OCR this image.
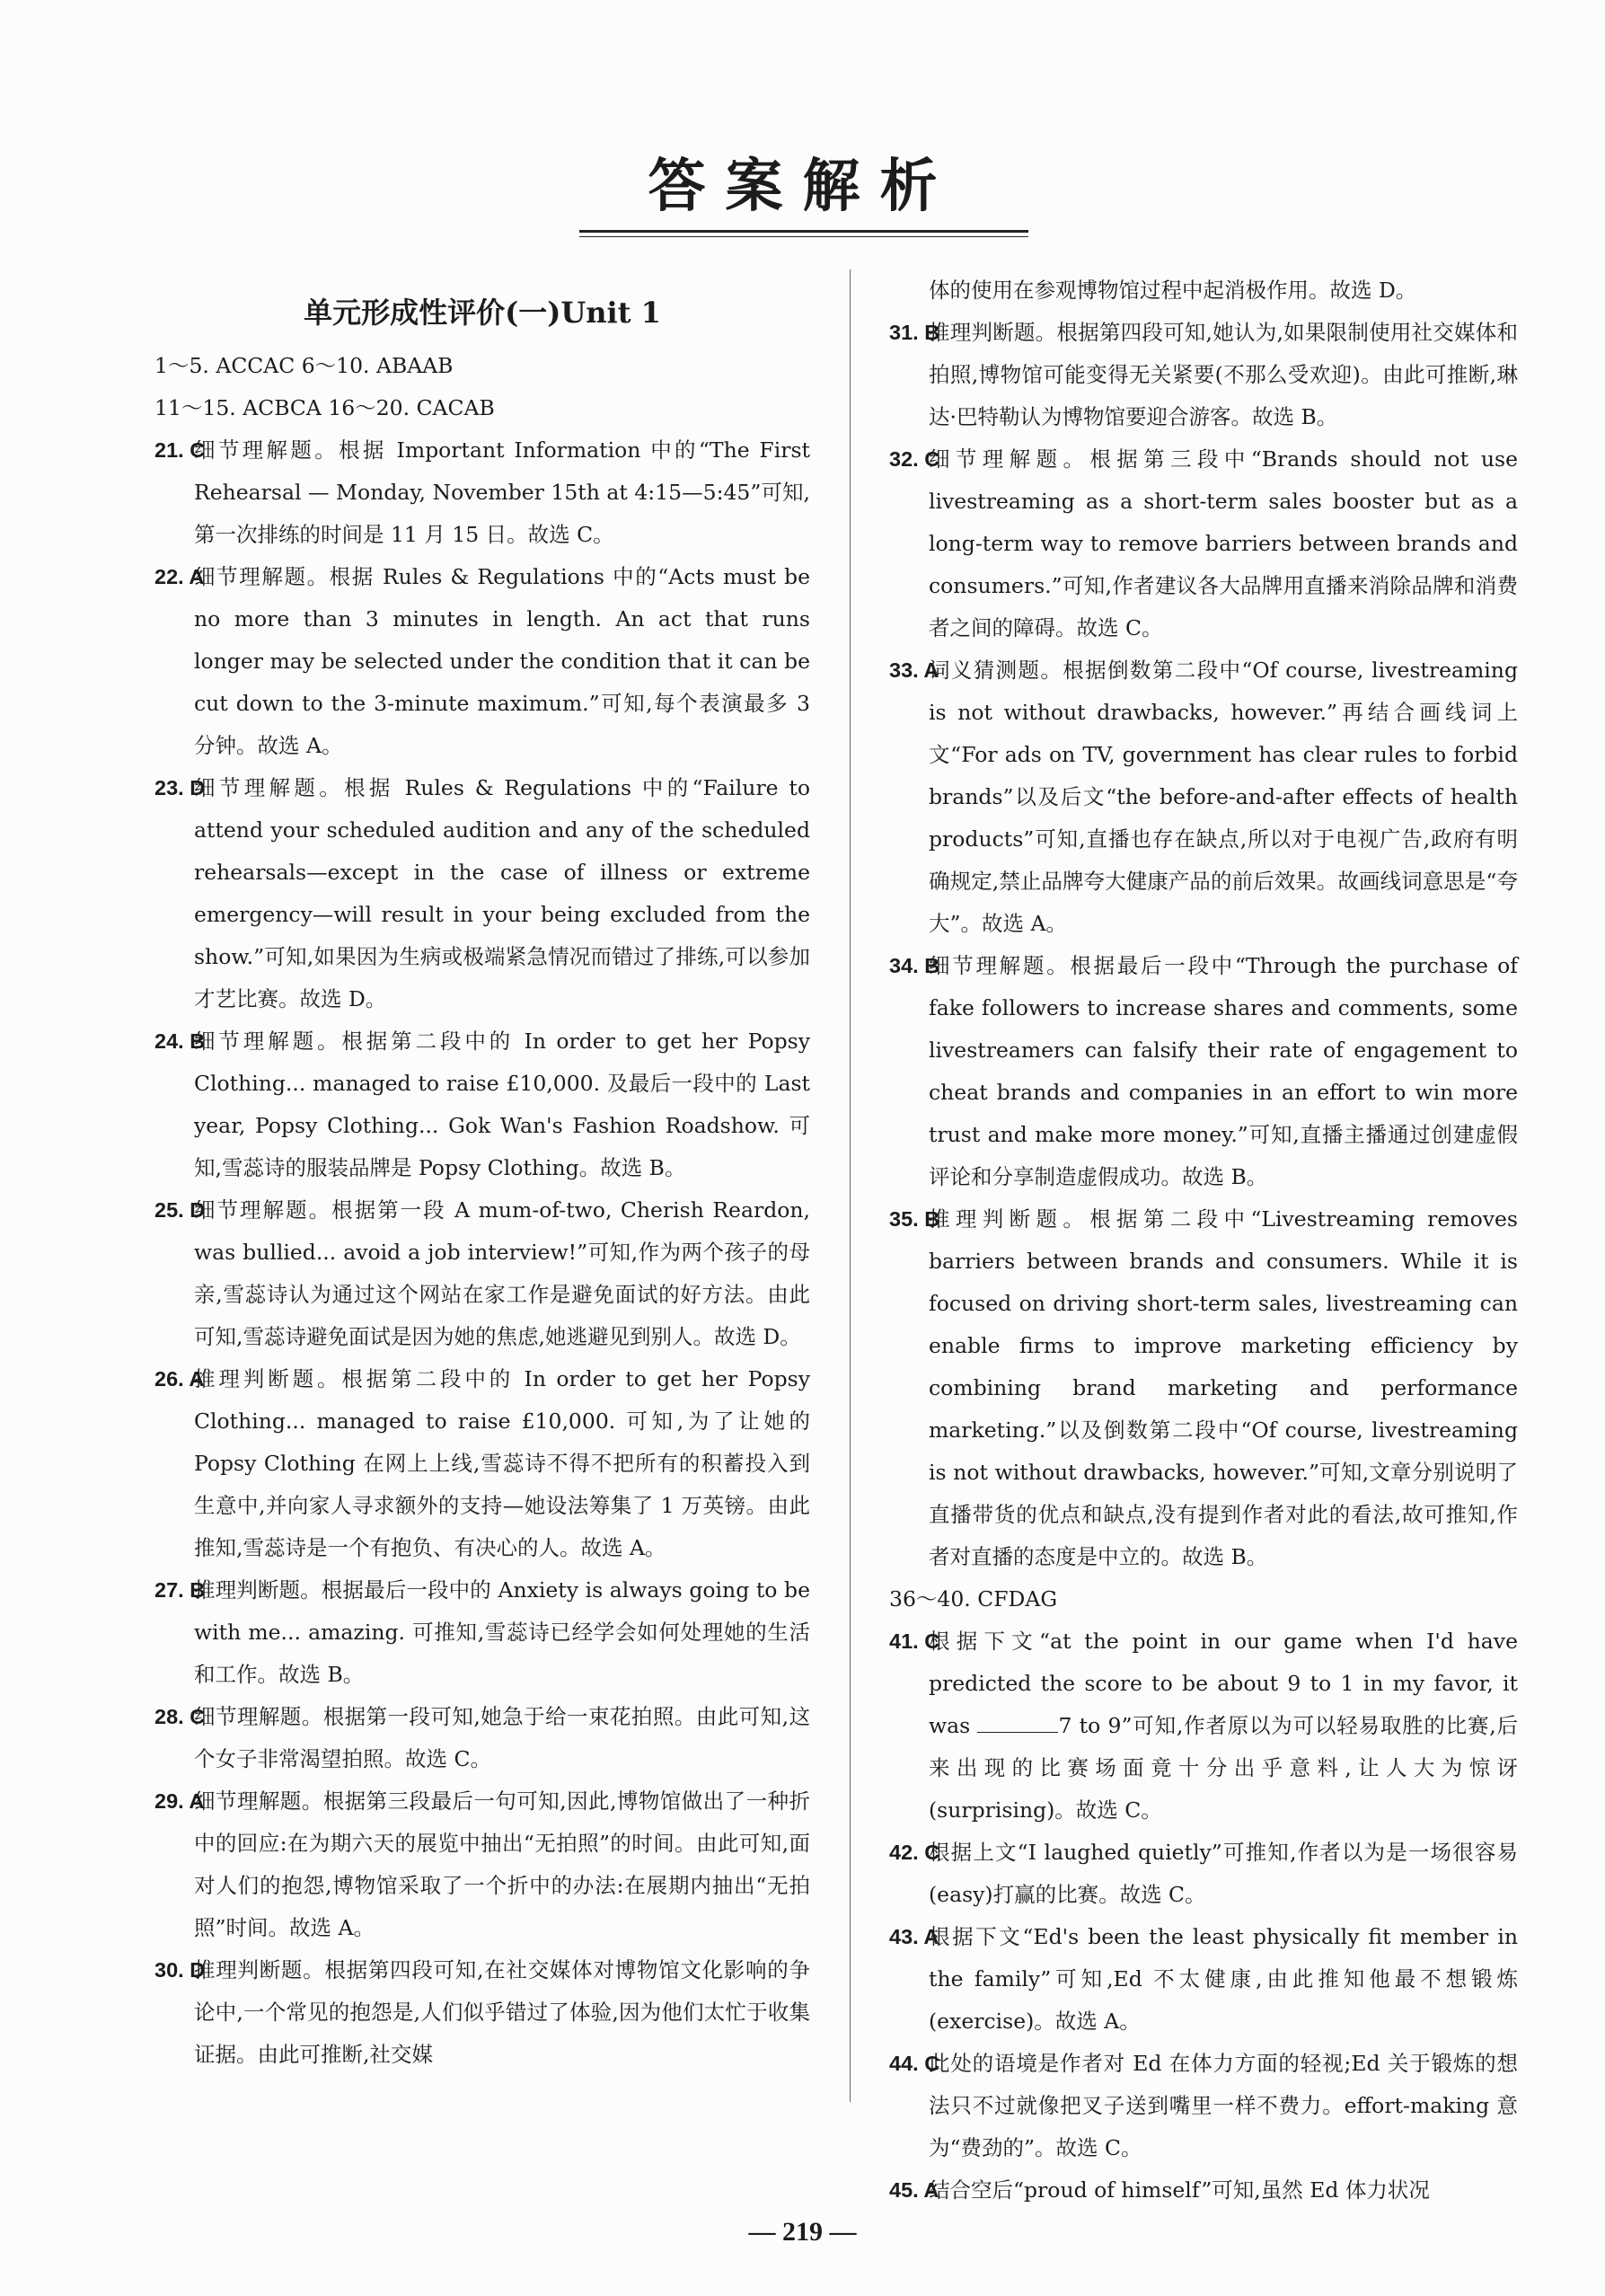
答案解析
单元形成性评价(一)Unit 1

1～5. ACCAC 6～10. ABAAB

11～15. ACBCA 16～20. CACAB

21. C
细节理解题。根据 Important Information 中的“The First Rehearsal — Monday, November 15th at 4:15—5:45”可知,第一次排练的时间是 11 月 15 日。故选 C。

22. A
细节理解题。根据 Rules & Regulations 中的“Acts must be no more than 3 minutes in length. An act that runs longer may be selected under the condition that it can be cut down to the 3-minute maximum.”可知,每个表演最多 3 分钟。故选 A。

23. D
细节理解题。根据 Rules & Regulations 中的“Failure to attend your scheduled audition and any of the scheduled rehearsals—except in the case of illness or extreme emergency—will result in your being excluded from the show.”可知,如果因为生病或极端紧急情况而错过了排练,可以参加才艺比赛。故选 D。

24. B
细节理解题。根据第二段中的 In order to get her Popsy Clothing... managed to raise £10,000. 及最后一段中的 Last year, Popsy Clothing... Gok Wan's Fashion Roadshow. 可知,雪蕊诗的服装品牌是 Popsy Clothing。故选 B。

25. D
细节理解题。根据第一段 A mum-of-two, Cherish Reardon, was bullied... avoid a job interview!”可知,作为两个孩子的母亲,雪蕊诗认为通过这个网站在家工作是避免面试的好方法。由此可知,雪蕊诗避免面试是因为她的焦虑,她逃避见到别人。故选 D。

26. A
推理判断题。根据第二段中的 In order to get her Popsy Clothing... managed to raise £10,000. 可知,为了让她的 Popsy Clothing 在网上上线,雪蕊诗不得不把所有的积蓄投入到生意中,并向家人寻求额外的支持—她设法筹集了 1 万英镑。由此推知,雪蕊诗是一个有抱负、有决心的人。故选 A。

27. B
推理判断题。根据最后一段中的 Anxiety is always going to be with me... amazing. 可推知,雪蕊诗已经学会如何处理她的生活和工作。故选 B。

28. C
细节理解题。根据第一段可知,她急于给一束花拍照。由此可知,这个女子非常渴望拍照。故选 C。

29. A
细节理解题。根据第三段最后一句可知,因此,博物馆做出了一种折中的回应:在为期六天的展览中抽出“无拍照”的时间。由此可知,面对人们的抱怨,博物馆采取了一个折中的办法:在展期内抽出“无拍照”时间。故选 A。

30. D
推理判断题。根据第四段可知,在社交媒体对博物馆文化影响的争论中,一个常见的抱怨是,人们似乎错过了体验,因为他们太忙于收集证据。由此可推断,社交媒

体的使用在参观博物馆过程中起消极作用。故选 D。

31. B
推理判断题。根据第四段可知,她认为,如果限制使用社交媒体和拍照,博物馆可能变得无关紧要(不那么受欢迎)。由此可推断,琳达·巴特勒认为博物馆要迎合游客。故选 B。

32. C
细节理解题。根据第三段中“Brands should not use livestreaming as a short-term sales booster but as a long-term way to remove barriers between brands and consumers.”可知,作者建议各大品牌用直播来消除品牌和消费者之间的障碍。故选 C。

33. A
词义猜测题。根据倒数第二段中“Of course, livestreaming is not without drawbacks, however.”再结合画线词上文“For ads on TV, government has clear rules to forbid brands”以及后文“the before-and-after effects of health products”可知,直播也存在缺点,所以对于电视广告,政府有明确规定,禁止品牌夸大健康产品的前后效果。故画线词意思是“夸大”。故选 A。

34. B
细节理解题。根据最后一段中“Through the purchase of fake followers to increase shares and comments, some livestreamers can falsify their rate of engagement to cheat brands and companies in an effort to win more trust and make more money.”可知,直播主播通过创建虚假评论和分享制造虚假成功。故选 B。

35. B
推理判断题。根据第二段中“Livestreaming removes barriers between brands and consumers. While it is focused on driving short-term sales, livestreaming can enable firms to improve marketing efficiency by combining brand marketing and performance marketing.”以及倒数第二段中“Of course, livestreaming is not without drawbacks, however.”可知,文章分别说明了直播带货的优点和缺点,没有提到作者对此的看法,故可推知,作者对直播的态度是中立的。故选 B。

36～40. CFDAG

41. C
根据下文“at the point in our game when I'd have predicted the score to be about 9 to 1 in my favor, it was	7 to 9”可知,作者原以为可以轻易取胜的比赛,后来出现的比赛场面竟十分出乎意料,让人大为惊讶(surprising)。故选 C。

42. C
根据上文“I laughed quietly”可推知,作者以为是一场很容易(easy)打赢的比赛。故选 C。

43. A
根据下文“Ed's been the least physically fit member in the family”可知,Ed 不太健康,由此推知他最不想锻炼(exercise)。故选 A。

44. C
此处的语境是作者对 Ed 在体力方面的轻视;Ed 关于锻炼的想法只不过就像把叉子送到嘴里一样不费力。effort-making 意为“费劲的”。故选 C。

45. A
结合空后“proud of himself”可知,虽然 Ed 体力状况

— 219 —
